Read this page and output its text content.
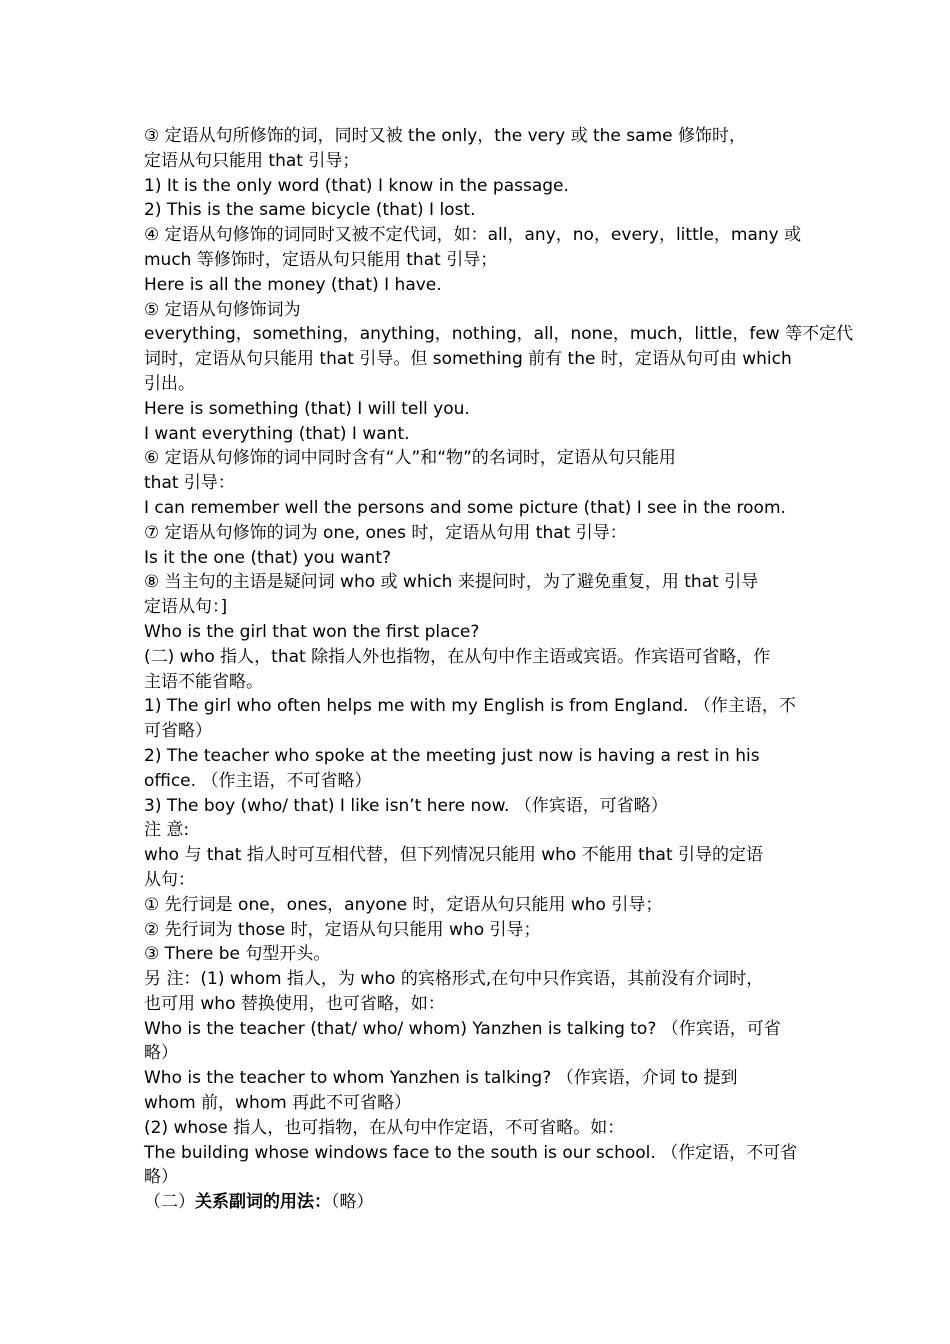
③ 定语从句所修饰的词，同时又被 the only，the very 或 the same 修饰时，
定语从句只能用 that 引导；
1) It is the only word (that) I know in the passage.
2) This is the same bicycle (that) I lost.
④ 定语从句修饰的词同时又被不定代词，如：all，any，no，every，little，many 或
much 等修饰时，定语从句只能用 that 引导；
Here is all the money (that) I have.
⑤ 定语从句修饰词为
everything，something，anything，nothing，all，none，much，little，few 等不定代
词时，定语从句只能用 that 引导。但 something 前有 the 时，定语从句可由 which
引出。
Here is something (that) I will tell you.
I want everything (that) I want.
⑥ 定语从句修饰的词中同时含有“人”和“物”的名词时，定语从句只能用
that 引导：
I can remember well the persons and some picture (that) I see in the room.
⑦ 定语从句修饰的词为 one, ones 时，定语从句用 that 引导：
Is it the one (that) you want?
⑧ 当主句的主语是疑问词 who 或 which 来提问时，为了避免重复，用 that 引导
定语从句：]
Who is the girl that won the first place?
(二) who 指人，that 除指人外也指物，在从句中作主语或宾语。作宾语可省略，作
主语不能省略。
1) The girl who often helps me with my English is from England. （作主语，不
可省略）
2) The teacher who spoke at the meeting just now is having a rest in his
office. （作主语，不可省略）
3) The boy (who/ that) I like isn’t here now. （作宾语，可省略）
注 意:
who 与 that 指人时可互相代替，但下列情况只能用 who 不能用 that 引导的定语
从句：
① 先行词是 one，ones，anyone 时，定语从句只能用 who 引导；
② 先行词为 those 时，定语从句只能用 who 引导；
③ There be 句型开头。
另 注：(1) whom 指人，为 who 的宾格形式,在句中只作宾语，其前没有介词时，
也可用 who 替换使用，也可省略，如：
Who is the teacher (that/ who/ whom) Yanzhen is talking to? （作宾语，可省
略）
Who is the teacher to whom Yanzhen is talking? （作宾语，介词 to 提到
whom 前，whom 再此不可省略）
(2) whose 指人，也可指物，在从句中作定语，不可省略。如：
The building whose windows face to the south is our school. （作定语，不可省
略）
（二）关系副词的用法：（略）
